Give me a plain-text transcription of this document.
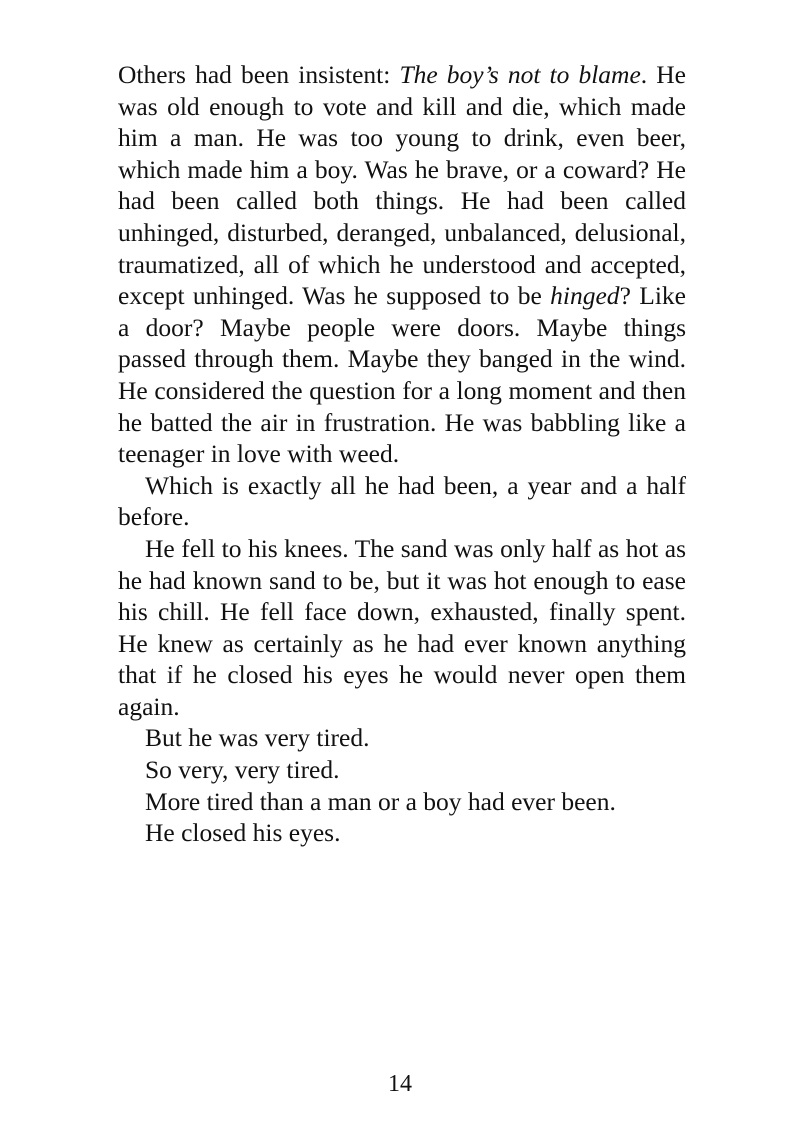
Others had been insistent: The boy’s not to blame. He was old enough to vote and kill and die, which made him a man. He was too young to drink, even beer, which made him a boy. Was he brave, or a coward? He had been called both things. He had been called unhinged, disturbed, deranged, unbalanced, delusional, traumatized, all of which he understood and accepted, except unhinged. Was he supposed to be hinged? Like a door? Maybe people were doors. Maybe things passed through them. Maybe they banged in the wind. He considered the question for a long moment and then he batted the air in frustration. He was babbling like a teenager in love with weed.

Which is exactly all he had been, a year and a half before.

He fell to his knees. The sand was only half as hot as he had known sand to be, but it was hot enough to ease his chill. He fell face down, exhausted, finally spent. He knew as certainly as he had ever known anything that if he closed his eyes he would never open them again.

But he was very tired.

So very, very tired.

More tired than a man or a boy had ever been.

He closed his eyes.

14
